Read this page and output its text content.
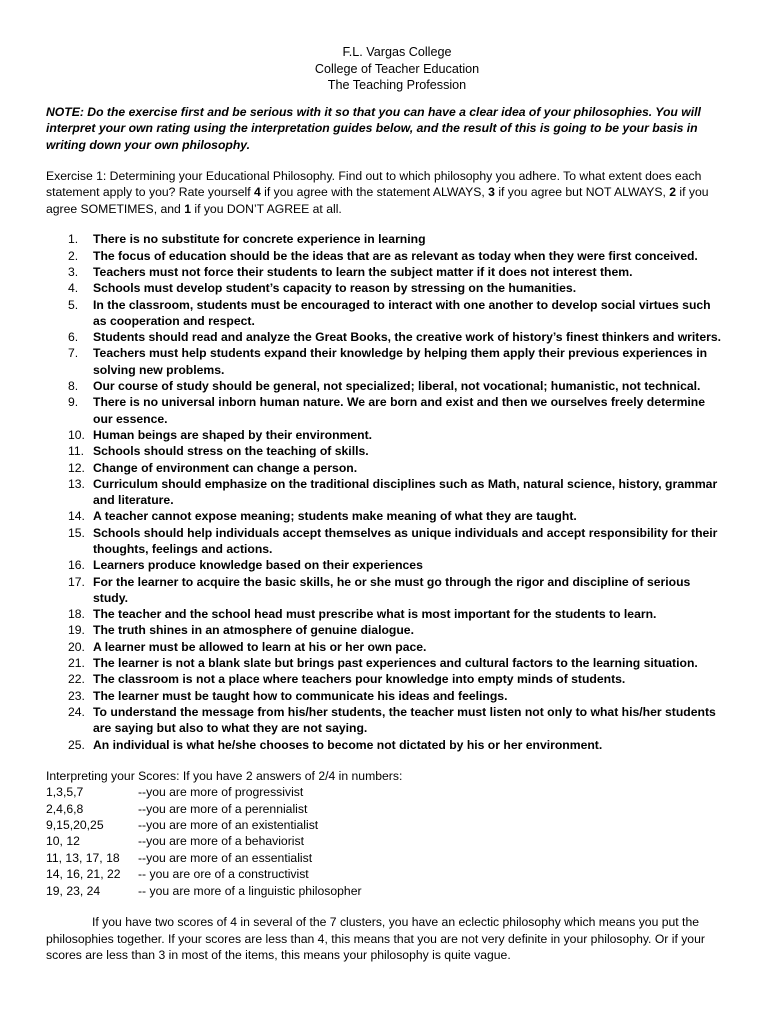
F.L. Vargas College
College of Teacher Education
The Teaching Profession
NOTE: Do the exercise first and be serious with it so that you can have a clear idea of your philosophies. You will interpret your own rating using the interpretation guides below, and the result of this is going to be your basis in writing down your own philosophy.
Exercise 1: Determining your Educational Philosophy. Find out to which philosophy you adhere. To what extent does each statement apply to you? Rate yourself 4 if you agree with the statement ALWAYS, 3 if you agree but NOT ALWAYS, 2 if you agree SOMETIMES, and 1 if you DON’T AGREE at all.
1. There is no substitute for concrete experience in learning
2. The focus of education should be the ideas that are as relevant as today when they were first conceived.
3. Teachers must not force their students to learn the subject matter if it does not interest them.
4. Schools must develop student’s capacity to reason by stressing on the humanities.
5. In the classroom, students must be encouraged to interact with one another to develop social virtues such as cooperation and respect.
6. Students should read and analyze the Great Books, the creative work of history’s finest thinkers and writers.
7. Teachers must help students expand their knowledge by helping them apply their previous experiences in solving new problems.
8. Our course of study should be general, not specialized; liberal, not vocational; humanistic, not technical.
9. There is no universal inborn human nature. We are born and exist and then we ourselves freely determine our essence.
10. Human beings are shaped by their environment.
11. Schools should stress on the teaching of skills.
12. Change of environment can change a person.
13. Curriculum should emphasize on the traditional disciplines such as Math, natural science, history, grammar and literature.
14. A teacher cannot expose meaning; students make meaning of what they are taught.
15. Schools should help individuals accept themselves as unique individuals and accept responsibility for their thoughts, feelings and actions.
16. Learners produce knowledge based on their experiences
17. For the learner to acquire the basic skills, he or she must go through the rigor and discipline of serious study.
18. The teacher and the school head must prescribe what is most important for the students to learn.
19. The truth shines in an atmosphere of genuine dialogue.
20. A learner must be allowed to learn at his or her own pace.
21. The learner is not a blank slate but brings past experiences and cultural factors to the learning situation.
22. The classroom is not a place where teachers pour knowledge into empty minds of students.
23. The learner must be taught how to communicate his ideas and feelings.
24. To understand the message from his/her students, the teacher must listen not only to what his/her students are saying but also to what they are not saying.
25. An individual is what he/she chooses to become not dictated by his or her environment.
Interpreting your Scores: If you have 2 answers of 2/4 in numbers:
1,3,5,7	--you are more of progressivist
2,4,6,8	--you are more of a perennialist
9,15,20,25	--you are more of an existentialist
10, 12	--you are more of a behaviorist
11, 13, 17, 18	--you are more of an essentialist
14, 16, 21, 22	-- you are ore of a constructivist
19, 23, 24	-- you are more of a linguistic philosopher
If you have two scores of 4 in several of the 7 clusters, you have an eclectic philosophy which means you put the philosophies together. If your scores are less than 4, this means that you are not very definite in your philosophy. Or if your scores are less than 3 in most of the items, this means your philosophy is quite vague.
